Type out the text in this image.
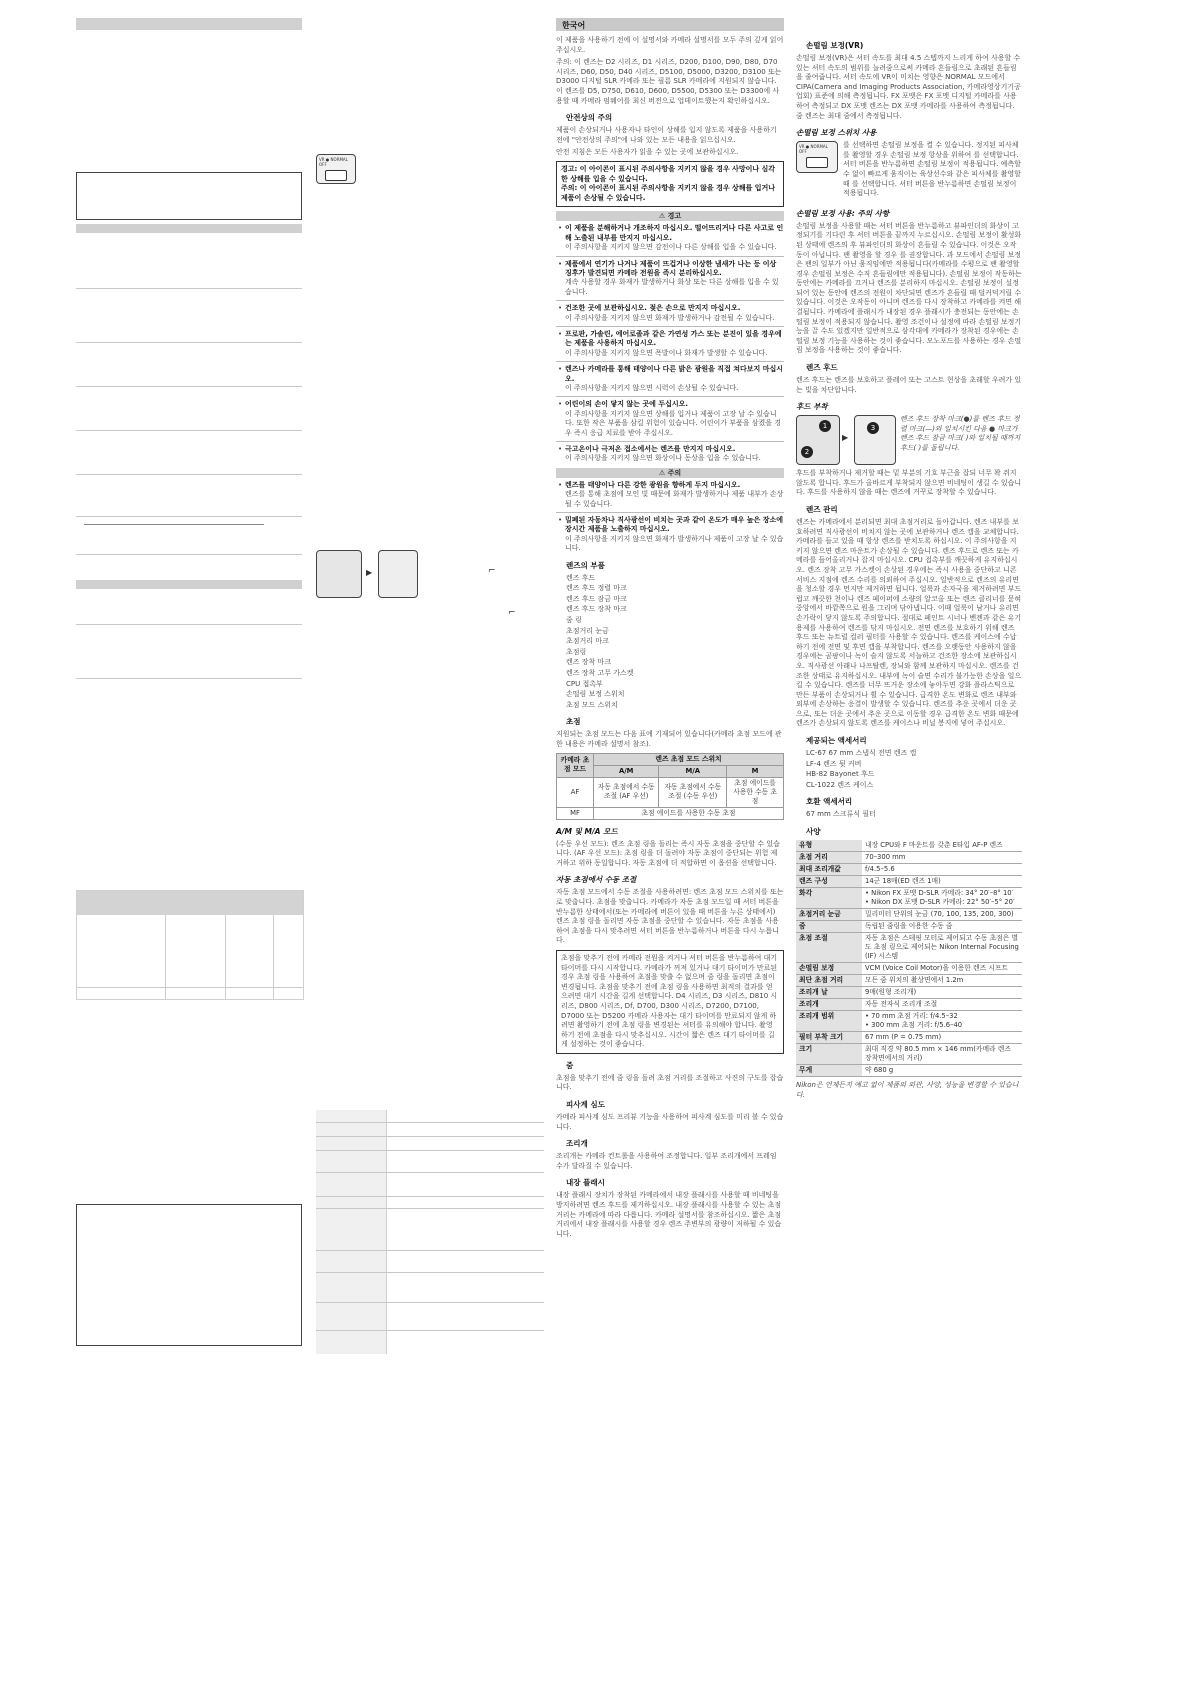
VR ● NORMAL OFF
▶	⌐
⌐
한국어

이 제품을 사용하기 전에 이 설명서와 카메라 설명서를 모두 주의 깊게 읽어주십시오.

주의: 이 렌즈는 D2 시리즈, D1 시리즈, D200, D100, D90, D80, D70 시리즈, D60, D50, D40 시리즈, D5100, D5000, D3200, D3100 또는 D3000 디지털 SLR 카메라 또는 필름 SLR 카메라에 지원되지 않습니다. 이 렌즈를 D5, D750, D610, D600, D5500, D5300 또는 D3300에 사용할 때 카메라 펌웨어를 최신 버전으로 업데이트했는지 확인하십시오.

안전상의 주의

제품이 손상되거나 사용자나 타인이 상해를 입지 않도록 제품을 사용하기 전에 "안전상의 주의"에 나와 있는 모든 내용을 읽으십시오.

안전 지침은 모든 사용자가 읽을 수 있는 곳에 보관하십시오.

경고: 이 아이콘이 표시된 주의사항을 지키지 않을 경우 사망이나 심각한 상해를 입을 수 있습니다.

주의: 이 아이콘이 표시된 주의사항을 지키지 않을 경우 상해를 입거나 제품이 손상될 수 있습니다.

⚠ 경고
• 이 제품을 분해하거나 개조하지 마십시오. 떨어뜨리거나 다른 사고로 인해 노출된 내부를 만지지 마십시오.
이 주의사항을 지키지 않으면 감전이나 다른 상해를 입을 수 있습니다.
• 제품에서 연기가 나거나 제품이 뜨겁거나 이상한 냄새가 나는 등 이상 징후가 발견되면 카메라 전원을 즉시 분리하십시오.
계속 사용할 경우 화재가 발생하거나 화상 또는 다른 상해를 입을 수 있습니다.
• 건조한 곳에 보관하십시오. 젖은 손으로 만지지 마십시오.
이 주의사항을 지키지 않으면 화재가 발생하거나 감전될 수 있습니다.
• 프로판, 가솔린, 에어로졸과 같은 가연성 가스 또는 분진이 있을 경우에는 제품을 사용하지 마십시오.
이 주의사항을 지키지 않으면 폭발이나 화재가 발생할 수 있습니다.
• 렌즈나 카메라를 통해 태양이나 다른 밝은 광원을 직접 쳐다보지 마십시오.
이 주의사항을 지키지 않으면 시력이 손상될 수 있습니다.
• 어린이의 손이 닿지 않는 곳에 두십시오.
이 주의사항을 지키지 않으면 상해를 입거나 제품이 고장 날 수 있습니다. 또한 작은 부품을 삼킬 위험이 있습니다. 어린이가 부품을 삼켰을 경우 즉시 응급 치료를 받아 주십시오.
• 극고온이나 극저온 접소에서는 렌즈를 만지지 마십시오.
이 주의사항을 지키지 않으면 화상이나 동상을 입을 수 있습니다.
⚠ 주의
• 렌즈를 태양이나 다른 강한 광원을 향하게 두지 마십시오.
렌즈를 통해 초점에 모인 빛 때문에 화재가 발생하거나 제품 내부가 손상될 수 있습니다.
• 밀폐된 자동차나 직사광선이 비치는 곳과 같이 온도가 매우 높은 장소에 장시간 제품을 노출하지 마십시오.
이 주의사항을 지키지 않으면 화재가 발생하거나 제품이 고장 날 수 있습니다.
렌즈의 부품
렌즈 후드
렌즈 후드 정렬 마크
렌즈 후드 잠금 마크
렌즈 후드 장착 마크
줌 링
초점거리 눈금
초점거리 마크
초점링
렌즈 장착 마크
렌즈 장착 고무 가스켓
CPU 접촉부
손떨림 보정 스위치
초점 모드 스위치
초점

지원되는 초점 모드는 다음 표에 기재되어 있습니다(카메라 초점 모드에 관한 내용은 카메라 설명서 참조).

카메라 초점 모드	렌즈 초점 모드 스위치		
	A/M	M/A	M
AF	자동 초점에서 수동 조절 (AF 우선)	자동 초점에서 수동 조절 (수동 우선)	초점 에이드를 사용한 수동 초점
MF	초점 에이드를 사용한 수동 초점		
A/M 및 M/A 모드

(수동 우선 모드): 렌즈 초점 링을 돌리는 즉시 자동 초점을 중단할 수 있습니다. (AF 우선 모드): 초점 링을 더 돌려야 자동 초점이 중단되는 위험 제거하고 위하 동일합니다. 자동 초점에 더 적합하면 이 옵션을 선택합니다.

자동 초점에서 수동 조절

자동 초점 모드에서 수동 조절을 사용하려면: 렌즈 초점 모드 스위치를 또는 로 맞춥니다. 초점을 맞춥니다. 카메라가 자동 초점 모드일 때 셔터 버튼을 반누름한 상태에서(또는 카메라에 버튼이 있을 때 버튼을 누른 상태에서) 렌즈 초점 링을 돌리면 자동 초점을 중단할 수 있습니다. 자동 초점을 사용하여 초점을 다시 맞추려면 셔터 버튼을 반누름하거나 버튼을 다시 누릅니다.

초점을 맞추기 전에 카메라 전원을 켜거나 셔터 버튼을 반누름하여 대기 타이머를 다시 시작합니다. 카메라가 꺼져 있거나 대기 타이머가 만료된 경우 초점 링을 사용하여 초점을 맞출 수 없으며 줌 링을 돌리면 초점이 변경됩니다. 초점을 맞추기 전에 초점 링을 사용하면 최적의 결과를 얻으려면 대기 시간을 길게 선택합니다. D4 시리즈, D3 시리즈, D810 시리즈, D800 시리즈, Df, D700, D300 시리즈, D7200, D7100, D7000 또는 D5200 카메라 사용자는 대기 타이머를 만료되지 않게 하려면 촬영하기 전에 초점 링을 변경된는 셔터를 유의해야 합니다. 촬영하기 전에 초점을 다시 맞추십시오. 시간이 짧은 렌즈 대기 타이머를 길게 설정하는 것이 좋습니다.

줌

초점을 맞추기 전에 줌 링을 돌려 초점 거리를 조절하고 사진의 구도를 잡습니다.

피사계 심도

카메라 피사계 심도 프리뷰 기능을 사용하여 피사계 심도를 미리 볼 수 있습니다.

조리개

조리개는 카메라 컨트롤을 사용하여 조정합니다. 일부 조리개에서 프레임 수가 달라질 수 있습니다.

내장 플래시

내장 플래시 장치가 장착된 카메라에서 내장 플래시를 사용할 때 비네팅을 방지하려면 렌즈 후드를 제거하십시오. 내장 플래시를 사용할 수 있는 초점 거리는 카메라에 따라 다릅니다. 카메라 설명서를 참조하십시오. 짧은 초점 거리에서 내장 플래시를 사용할 경우 렌즈 주변부의 광량이 저하될 수 있습니다.

손떨림 보정(VR)

손떨림 보정(VR)은 셔터 속도를 최대 4.5 스텝까지 느리게 하여 사용할 수 있는 셔터 속도의 범위를 늘려줌으로써 카메라 흔들림으로 초래된 흔들림을 줄여줍니다. 셔터 속도에 VR이 미치는 영향은 NORMAL 모드에서 CIPA(Camera and Imaging Products Association, 카메라영상기기공업회) 표준에 의해 측정됩니다. FX 포맷은 FX 포맷 디지털 카메라를 사용하여 측정되고 DX 포맷 렌즈는 DX 포맷 카메라를 사용하여 측정됩니다. 줌 렌즈는 최대 줌에서 측정됩니다.

손떨림 보정 스위치 사용
VR ● NORMAL OFF

를 선택하면 손떨림 보정을 켤 수 있습니다. 정지된 피사체를 촬영할 경우 손떨림 보정 항상을 위하여 를 선택합니다. 셔터 버튼을 반누름하면 손떨림 보정이 적용됩니다. 예측할 수 없이 빠르게 움직이는 육상선수와 같은 피사체를 촬영할 때 를 선택합니다. 셔터 버튼을 반누름하면 손떨림 보정이 적용됩니다.

손떨림 보정 사용: 주의 사항

손떨림 보정을 사용할 때는 셔터 버튼을 반누름하고 뷰파인더의 화상이 고정되기를 기다린 후 셔터 버튼을 끝까지 누르십시오. 손떨림 보정이 활성화된 상태에 렌즈의 후 뷰파인더의 화상이 흔들릴 수 있습니다. 이것은 오작동이 아닙니다. 팬 촬영을 할 경우 를 권장합니다. 과 모드에서 손떨림 보정은 팬의 일부가 아닌 움직임에만 적용됩니다(카메라를 수평으로 팬 촬영할 경우 손떨림 보정은 수직 흔들림에만 적용됩니다). 손떨림 보정이 작동하는 동안에는 카메라를 끄거나 렌즈를 분리하지 마십시오. 손떨림 보정이 설정되어 있는 동안에 렌즈의 전원이 차단되면 렌즈가 흔들릴 때 덜커덕거릴 수 있습니다. 이것은 오작동이 아니며 렌즈를 다시 장착하고 카메라를 켜면 해결됩니다. 카메라에 플래시가 내장된 경우 플래시가 충전되는 동안에는 손떨림 보정이 적용되지 않습니다. 촬영 조건이나 설정에 따라 손떨림 보정기능을 끌 수도 있겠지만 일반적으로 삼각대에 카메라가 장착된 경우에는 손떨림 보정 기능을 사용하는 것이 좋습니다. 모노포드를 사용하는 경우 손떨림 보정을 사용하는 것이 좋습니다.

렌즈 후드

렌즈 후드는 렌즈를 보호하고 플레어 또는 고스트 현상을 초래할 우려가 있는 빛을 차단합니다.

후드 부착
1
2
▶
3

렌즈 후드 장착 마크(●)를 렌즈 후드 정렬 마크(—)와 일치시킨 다음 ● 마크가 렌즈 후드 잠금 마크( )와 일치될 때까지 후드( )를 돌립니다.

후드를 부착하거나 제거할 때는 밑 부분의 기호 부근을 잡되 너무 꽉 쥐지 않도록 합니다. 후드가 올바르게 부착되지 않으면 비네팅이 생길 수 있습니다. 후드를 사용하지 않을 때는 렌즈에 거꾸로 장착할 수 있습니다.

렌즈 관리

렌즈는 카메라에서 분리되면 최대 초점거리로 돌아갑니다. 렌즈 내부를 보호하려면 직사광선이 비치지 않는 곳에 보관하거나 렌즈 캡을 교체합니다. 카메라를 들고 있을 때 항상 렌즈를 받치도록 하십시오. 이 주의사항을 지키지 않으면 렌즈 마운트가 손상될 수 있습니다. 렌즈 후드로 렌즈 또는 카메라를 들어올리거나 잡지 마십시오. CPU 접촉부를 깨끗하게 유지하십시오. 렌즈 장착 고무 가스켓이 손상된 경우에는 즉시 사용을 중단하고 니콘 서비스 지점에 렌즈 수리를 의뢰하여 주십시오. 일반적으로 렌즈의 유리면을 청소할 경우 먼지만 제거하면 됩니다. 얼룩과 손자국을 제거하려면 부드럽고 깨끗한 천이나 렌즈 페이퍼에 소량의 알코올 또는 렌즈 클리너를 묻혀 중앙에서 바깥쪽으로 원을 그리며 닦아냅니다. 이때 얼룩이 남거나 유리면 손가락이 닿지 않도록 주의합니다. 절대로 페인트 시너나 벤젠과 같은 유기용제를 사용하여 렌즈를 닦지 마십시오. 전면 렌즈를 보호하기 위해 렌즈 후드 또는 뉴트럴 컬러 필터를 사용할 수 있습니다. 렌즈를 케이스에 수납하기 전에 전면 및 후면 캡을 부착합니다. 렌즈를 오랫동안 사용하지 않을 경우에는 곰팡이나 녹이 슬지 않도록 서늘하고 건조한 장소에 보관하십시오. 직사광선 아래나 나프탈렌, 장뇌와 함께 보관하지 마십시오. 렌즈를 건조한 상태로 유지하십시오. 내부에 녹이 슬면 수리가 불가능한 손상을 일으킬 수 있습니다. 렌즈를 너무 뜨거운 장소에 놓아두면 강화 플라스틱으로 만든 부품이 손상되거나 휠 수 있습니다. 급격한 온도 변화로 렌즈 내부와 외부에 손상하는 응결이 발생할 수 있습니다. 렌즈를 추운 곳에서 더운 곳으로, 또는 더운 곳에서 추운 곳으로 이동할 경우 급격한 온도 변화 때문에 렌즈가 손상되지 않도록 렌즈를 케이스나 비닐 봉지에 넣어 주십시오.

제공되는 액세서리
LC-67 67 mm 스냅식 전면 렌즈 캡
LF-4 렌즈 뒷 커버
HB-82 Bayonet 후드
CL-1022 렌즈 케이스
호환 액세서리
67 mm 스크류식 필터
사양
유형	내장 CPU와 F 마운트를 갖춘 E타입 AF-P 렌즈
초점 거리	70–300 mm
최대 조리개값	f/4.5–5.6
렌즈 구성	14군 18매(ED 렌즈 1매)
화각	• Nikon FX 포맷 D-SLR 카메라: 34° 20′–8° 10′
• Nikon DX 포맷 D-SLR 카메라: 22° 50′–5° 20′
초점거리 눈금	밀리미터 단위의 눈금 (70, 100, 135, 200, 300)
줌	독립된 줌링을 이용한 수동 줌
초점 조절	자동 초점은 스테핑 모터로 제어되고 수동 초점은 별도 초점 링으로 제어되는 Nikon Internal Focusing (IF) 시스템
손떨림 보정	VCM (Voice Coil Motor)을 이용한 렌즈 시프트
최단 초점 거리	모든 줌 위치의 촬상면에서 1.2m
조리개 날	9매(원형 조리개)
조리개	자동 전자식 조리개 조절
조리개 범위	• 70 mm 초점 거리: f/4.5–32
• 300 mm 초점 거리: f/5.6–40
필터 부착 크기	67 mm (P = 0.75 mm)
크기	최대 직경 약 80.5 mm × 146 mm(카메라 렌즈 장착면에서의 거리)
무게	약 680 g

Nikon은 언제든지 예고 없이 제품의 외관, 사양, 성능을 변경할 수 있습니다.
